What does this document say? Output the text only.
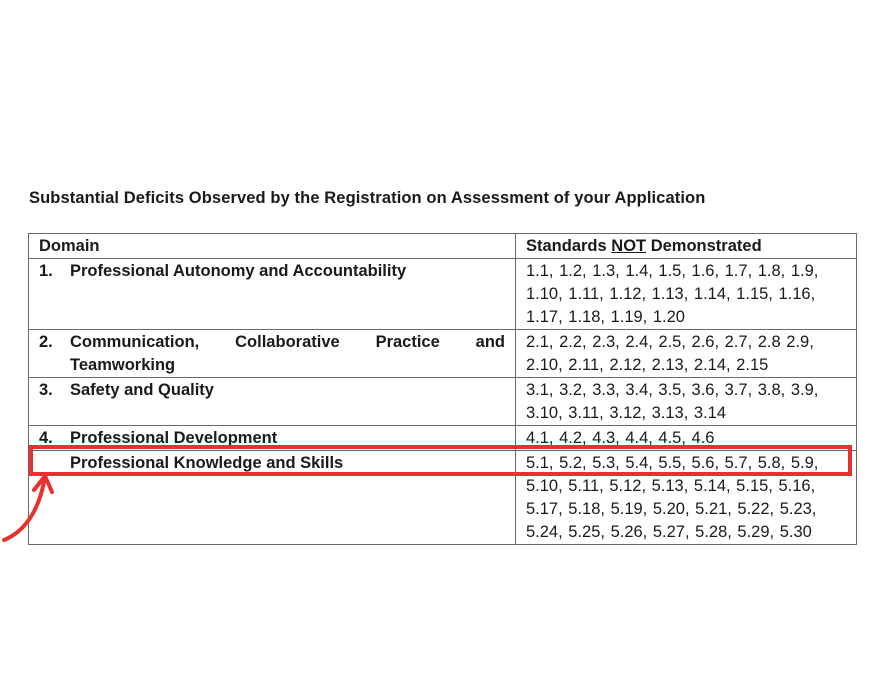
Substantial Deficits Observed by the Registration on Assessment of your Application
Domain	Standards NOT Demonstrated

1. Professional Autonomy and Accountability	1.1, 1.2, 1.3, 1.4, 1.5, 1.6, 1.7, 1.8, 1.9, 1.10, 1.11, 1.12, 1.13, 1.14, 1.15, 1.16, 1.17, 1.18, 1.19, 1.20

2. Communication, Collaborative Practice and Teamworking	2.1, 2.2, 2.3, 2.4, 2.5, 2.6, 2.7, 2.8 2.9, 2.10, 2.11, 2.12, 2.13, 2.14, 2.15

3. Safety and Quality	3.1, 3.2, 3.3, 3.4, 3.5, 3.6, 3.7, 3.8, 3.9, 3.10, 3.11, 3.12, 3.13, 3.14

4. Professional Development	4.1, 4.2, 4.3, 4.4, 4.5, 4.6

Professional Knowledge and Skills	5.1, 5.2, 5.3, 5.4, 5.5, 5.6, 5.7, 5.8, 5.9, 5.10, 5.11, 5.12, 5.13, 5.14, 5.15, 5.16, 5.17, 5.18, 5.19, 5.20, 5.21, 5.22, 5.23, 5.24, 5.25, 5.26, 5.27, 5.28, 5.29, 5.30
